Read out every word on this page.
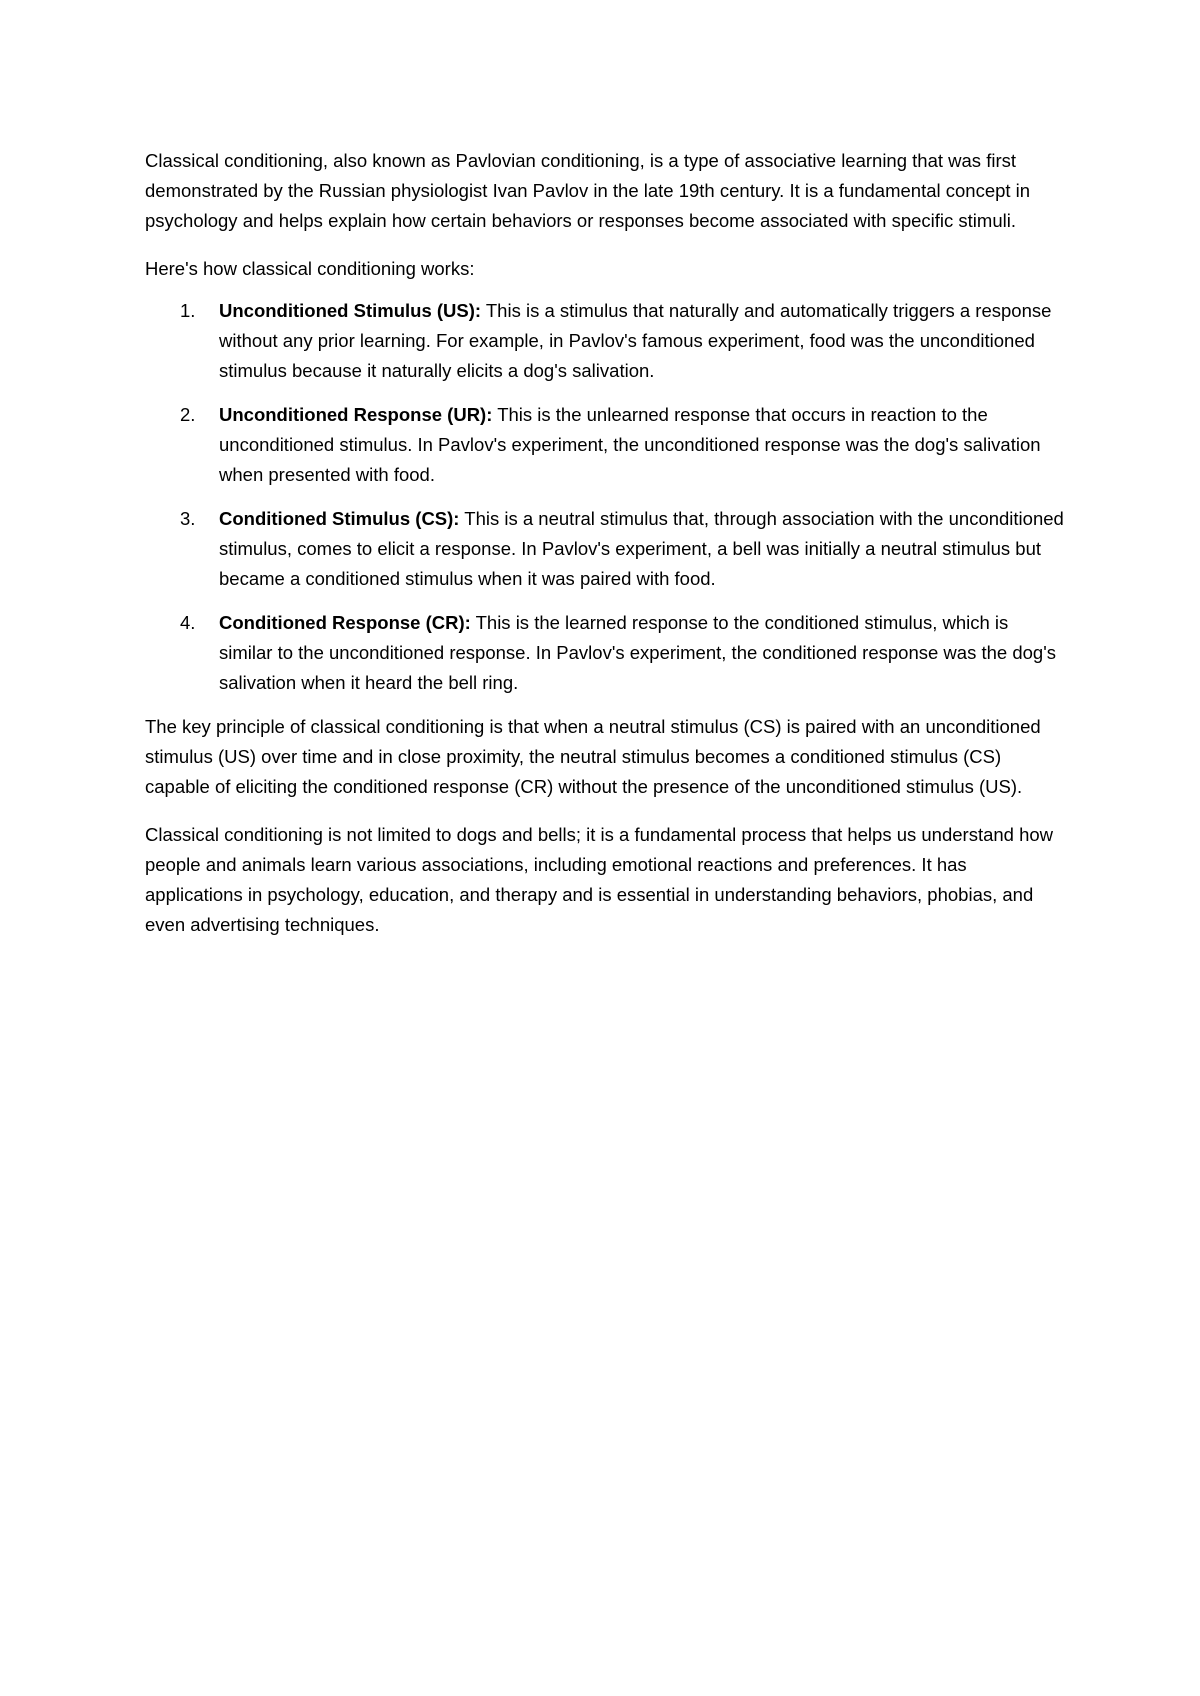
Classical conditioning, also known as Pavlovian conditioning, is a type of associative learning that was first demonstrated by the Russian physiologist Ivan Pavlov in the late 19th century. It is a fundamental concept in psychology and helps explain how certain behaviors or responses become associated with specific stimuli.

Here's how classical conditioning works:

1.	Unconditioned Stimulus (US): This is a stimulus that naturally and automatically triggers a response without any prior learning. For example, in Pavlov's famous experiment, food was the unconditioned stimulus because it naturally elicits a dog's salivation.
2.	Unconditioned Response (UR): This is the unlearned response that occurs in reaction to the unconditioned stimulus. In Pavlov's experiment, the unconditioned response was the dog's salivation when presented with food.
3.	Conditioned Stimulus (CS): This is a neutral stimulus that, through association with the unconditioned stimulus, comes to elicit a response. In Pavlov's experiment, a bell was initially a neutral stimulus but became a conditioned stimulus when it was paired with food.
4.	Conditioned Response (CR): This is the learned response to the conditioned stimulus, which is similar to the unconditioned response. In Pavlov's experiment, the conditioned response was the dog's salivation when it heard the bell ring.

The key principle of classical conditioning is that when a neutral stimulus (CS) is paired with an unconditioned stimulus (US) over time and in close proximity, the neutral stimulus becomes a conditioned stimulus (CS) capable of eliciting the conditioned response (CR) without the presence of the unconditioned stimulus (US).

Classical conditioning is not limited to dogs and bells; it is a fundamental process that helps us understand how people and animals learn various associations, including emotional reactions and preferences. It has applications in psychology, education, and therapy and is essential in understanding behaviors, phobias, and even advertising techniques.
